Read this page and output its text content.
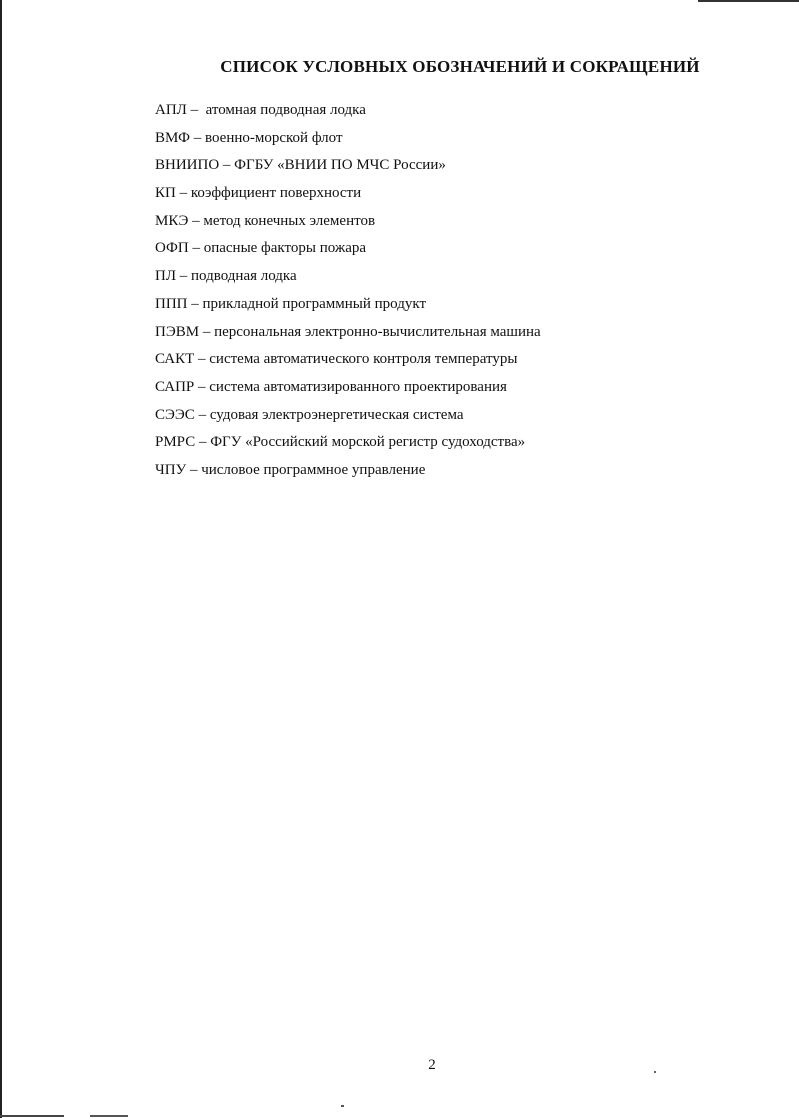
СПИСОК УСЛОВНЫХ ОБОЗНАЧЕНИЙ И СОКРАЩЕНИЙ
АПЛ –  атомная подводная лодка
ВМФ – военно-морской флот
ВНИИПО – ФГБУ «ВНИИ ПО МЧС России»
КП – коэффициент поверхности
МКЭ – метод конечных элементов
ОФП – опасные факторы пожара
ПЛ – подводная лодка
ППП – прикладной программный продукт
ПЭВМ – персональная электронно-вычислительная машина
САКТ – система автоматического контроля температуры
САПР – система автоматизированного проектирования
СЭЭС – судовая электроэнергетическая система
РМРС – ФГУ «Российский морской регистр судоходства»
ЧПУ – числовое программное управление
2
